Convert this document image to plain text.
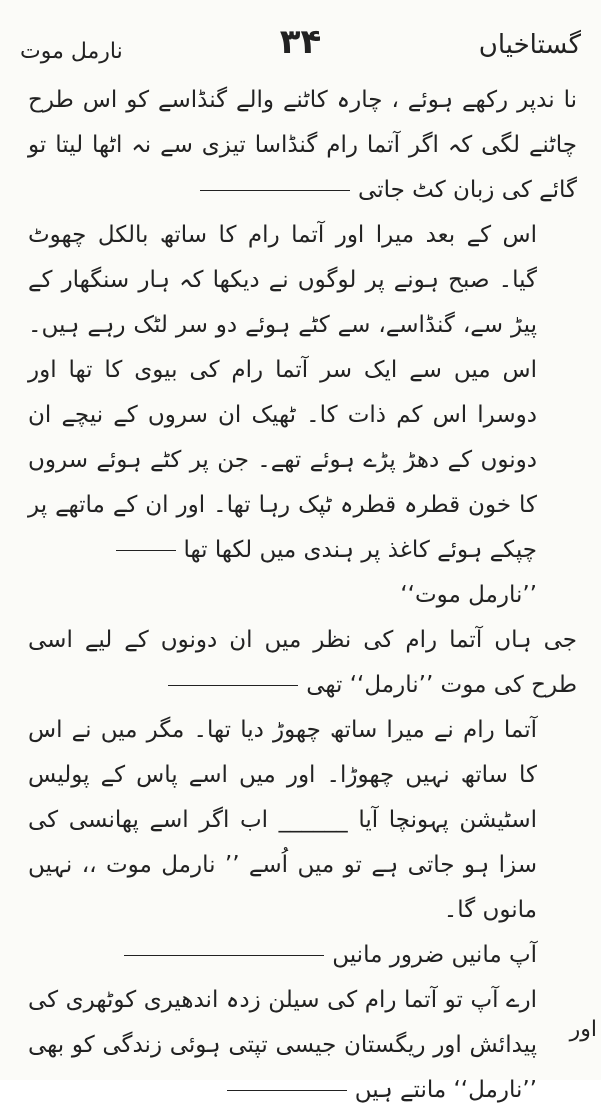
گستاخیاں
۳۴
نارمل موت

نا ندپر رکھے ہوئے ، چارہ کاٹنے والے گنڈاسے کو اس طرح چاٹنے لگی کہ اگر آتما رام گنڈاسا تیزی سے نہ اٹھا لیتا تو گائے کی زبان کٹ جاتی

اس کے بعد میرا اور آتما رام کا ساتھ بالکل چھوٹ گیا۔ صبح ہونے پر لوگوں نے دیکھا کہ ہار سنگھار کے پیڑ سے، گنڈاسے، سے کٹے ہوئے دو سر لٹک رہے ہیں۔ اس میں سے ایک سر آتما رام کی بیوی کا تھا اور دوسرا اس کم ذات کا۔ ٹھیک ان سروں کے نیچے ان دونوں کے دھڑ پڑے ہوئے تھے۔ جن پر کٹے ہوئے سروں کا خون قطرہ قطرہ ٹپک رہا تھا۔ اور ان کے ماتھے پر چپکے ہوئے کاغذ پر ہندی میں لکھا تھا

’’نارمل موت‘‘

جی ہاں آتما رام کی نظر میں ان دونوں کے لیے اسی طرح کی موت ’’نارمل‘‘ تھی

آتما رام نے میرا ساتھ چھوڑ دیا تھا۔ مگر میں نے اس کا ساتھ نہیں چھوڑا۔ اور میں اسے پاس کے پولیس اسٹیشن پہونچا آیا ______ اب اگر اسے پھانسی کی سزا ہو جاتی ہے تو میں اُسے ’’ نارمل موت ،، نہیں مانوں گا۔

آپ مانیں ضرور مانیں

ارے آپ تو آتما رام کی سیلن زدہ اندھیری کوٹھری کی پیدائش اور ریگستان جیسی تپتی ہوئی زندگی کو بھی ’’نارمل‘‘ مانتے ہیں

اور
